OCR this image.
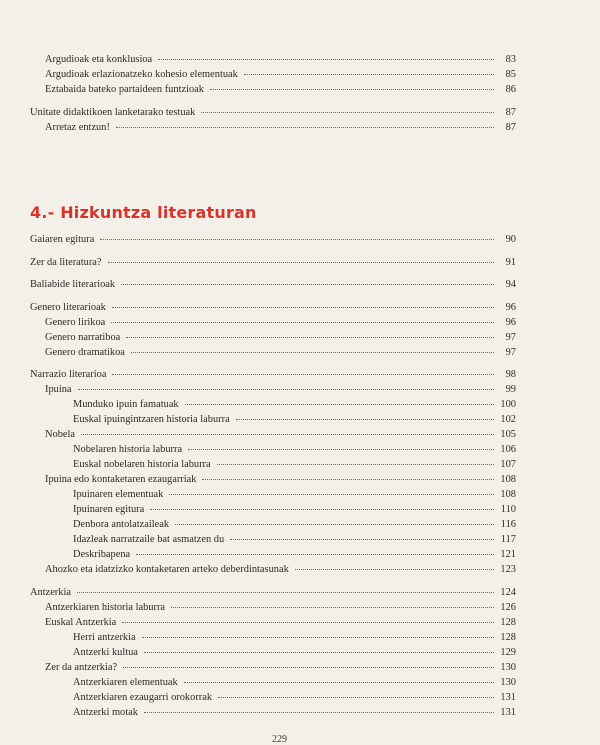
Argudioak eta konklusioa	83
Argudioak erlazionatzeko kohesio elementuak	85
Eztabaida bateko partaideen funtzioak	86
Unitate didaktikoen lanketarako testuak	87
Arretaz entzun!	87
4.- Hizkuntza literaturan
Gaiaren egitura	90
Zer da literatura?	91
Baliabide literarioak	94
Genero literarioak	96
Genero lirikoa	96
Genero narratiboa	97
Genero dramatikoa	97
Narrazio literarioa	98
Ipuina	99
Munduko ipuin famatuak	100
Euskal ipuingintzaren historia laburra	102
Nobela	105
Nobelaren historia laburra	106
Euskal nobelaren historia laburra	107
Ipuina edo kontaketaren ezaugarriak	108
Ipuinaren elementuak	108
Ipuinaren egitura	110
Denbora antolatzaileak	116
Idazleak narratzaile bat asmatzen du	117
Deskribapena	121
Ahozko eta idatzizko kontaketaren arteko deberdintasunak	123
Antzerkia	124
Antzerkiaren historia laburra	126
Euskal Antzerkia	128
Herri antzerkia	128
Antzerki kultua	129
Zer da antzerkia?	130
Antzerkiaren elementuak	130
Antzerkiaren ezaugarri orokorrak	131
Antzerki motak	131
229
